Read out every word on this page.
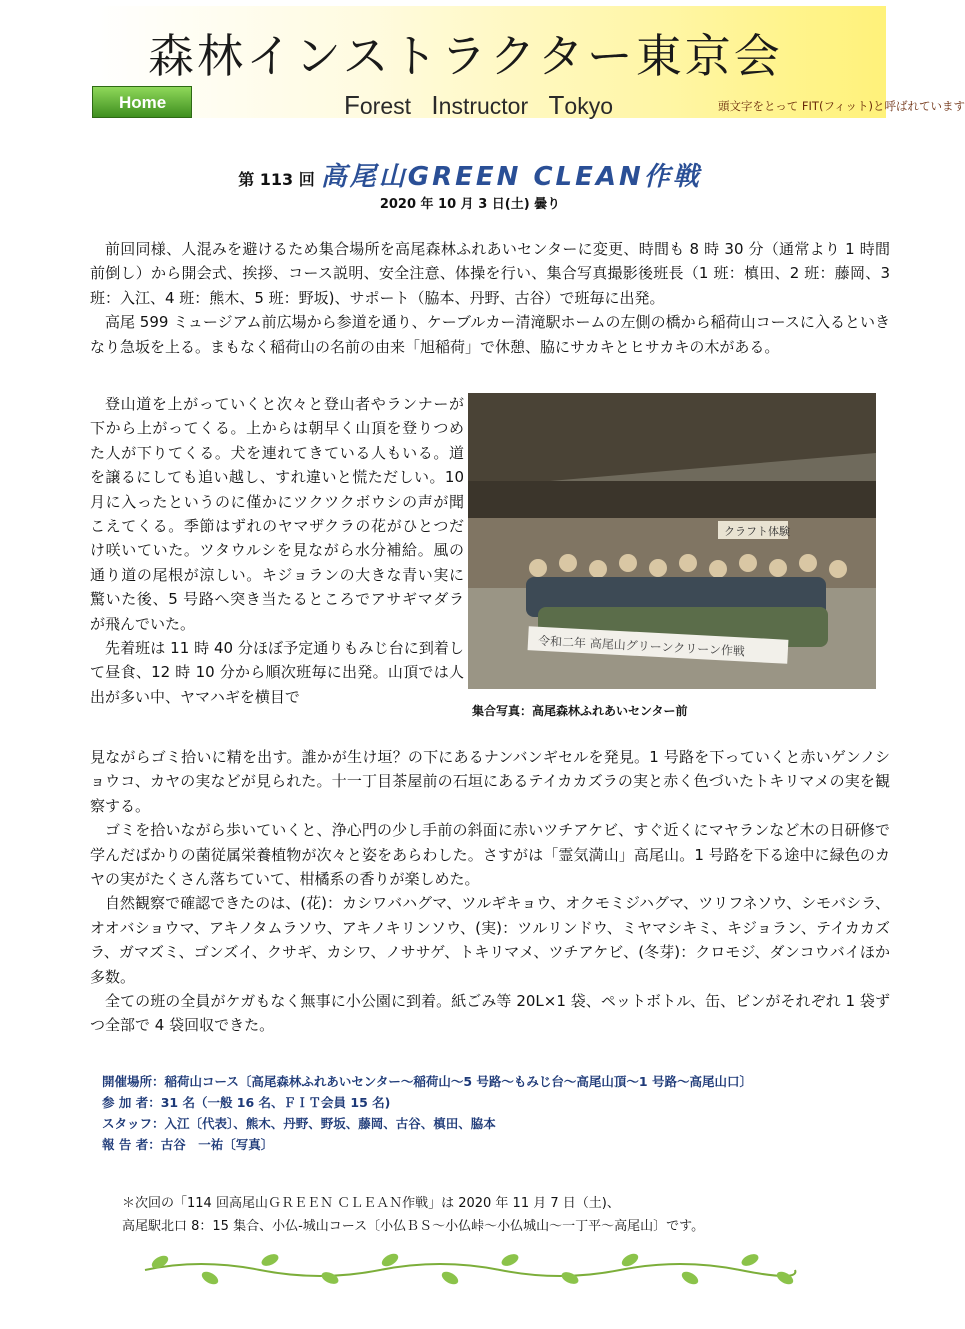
森林インストラクター東京会
Home	Forest Instructor Tokyo	頭文字をとって FIT(フィット)と呼ばれています
第 113 回 高尾山GREEN CLEAN作戦
2020 年 10 月 3 日(土) 曇り

前回同様、人混みを避けるため集合場所を高尾森林ふれあいセンターに変更、時間も 8 時 30 分（通常より 1 時間前倒し）から開会式、挨拶、コース説明、安全注意、体操を行い、集合写真撮影後班長（1 班：槙田、2 班：藤岡、3 班：入江、4 班：熊木、5 班：野坂)、サポート（脇本、丹野、古谷）で班毎に出発。

高尾 599 ミュージアム前広場から参道を通り、ケーブルカー清滝駅ホームの左側の橋から稲荷山コースに入るといきなり急坂を上る。まもなく稲荷山の名前の由来「旭稲荷」で休憩、脇にサカキとヒサカキの木がある。

登山道を上がっていくと次々と登山者やランナーが下から上がってくる。上からは朝早く山頂を登りつめた人が下りてくる。犬を連れてきている人もいる。道を譲るにしても追い越し、すれ違いと慌ただしい。10 月に入ったというのに僅かにツクツクボウシの声が聞こえてくる。季節はずれのヤマザクラの花がひとつだけ咲いていた。ツタウルシを見ながら水分補給。風の通り道の尾根が涼しい。キジョランの大きな青い実に驚いた後、5 号路へ突き当たるところでアサギマダラが飛んでいた。

先着班は 11 時 40 分ほぼ予定通りもみじ台に到着して昼食、12 時 10 分から順次班毎に出発。山頂では人出が多い中、ヤマハギを横目で

クラフト体験
令和二年 高尾山グリーンクリーン作戦
集合写真：高尾森林ふれあいセンター前

見ながらゴミ拾いに精を出す。誰かが生け垣？の下にあるナンバンギセルを発見。1 号路を下っていくと赤いゲンノショウコ、カヤの実などが見られた。十一丁目茶屋前の石垣にあるテイカカズラの実と赤く色づいたトキリマメの実を観察する。

ゴミを拾いながら歩いていくと、浄心門の少し手前の斜面に赤いツチアケビ、すぐ近くにマヤランなど木の日研修で学んだばかりの菌従属栄養植物が次々と姿をあらわした。さすがは「霊気満山」高尾山。1 号路を下る途中に緑色のカヤの実がたくさん落ちていて、柑橘系の香りが楽しめた。

自然観察で確認できたのは、(花)：カシワバハグマ、ツルギキョウ、オクモミジハグマ、ツリフネソウ、シモバシラ、オオバショウマ、アキノタムラソウ、アキノキリンソウ、(実)：ツルリンドウ、ミヤマシキミ、キジョラン、テイカカズラ、ガマズミ、ゴンズイ、クサギ、カシワ、ノササゲ、トキリマメ、ツチアケビ、(冬芽)：クロモジ、ダンコウバイほか多数。

全ての班の全員がケガもなく無事に小公園に到着。紙ごみ等 20L×1 袋、ペットボトル、缶、ビンがそれぞれ 1 袋ずつ全部で 4 袋回収できた。

開催場所：稲荷山コース〔高尾森林ふれあいセンター～稲荷山～5 号路～もみじ台～高尾山頂～1 号路～高尾山口〕
参 加 者：31 名（一般 16 名、ＦＩＴ会員 15 名)
スタッフ：入江〔代表〕、熊木、丹野、野坂、藤岡、古谷、槙田、脇本
報 告 者：古谷　一祐〔写真〕
＊次回の「114 回高尾山ＧＲＥＥＮ ＣＬＥＡＮ作戦」は 2020 年 11 月 7 日（土)、
高尾駅北口 8：15 集合、小仏-城山コース〔小仏ＢＳ～小仏峠～小仏城山～一丁平～高尾山〕です。
